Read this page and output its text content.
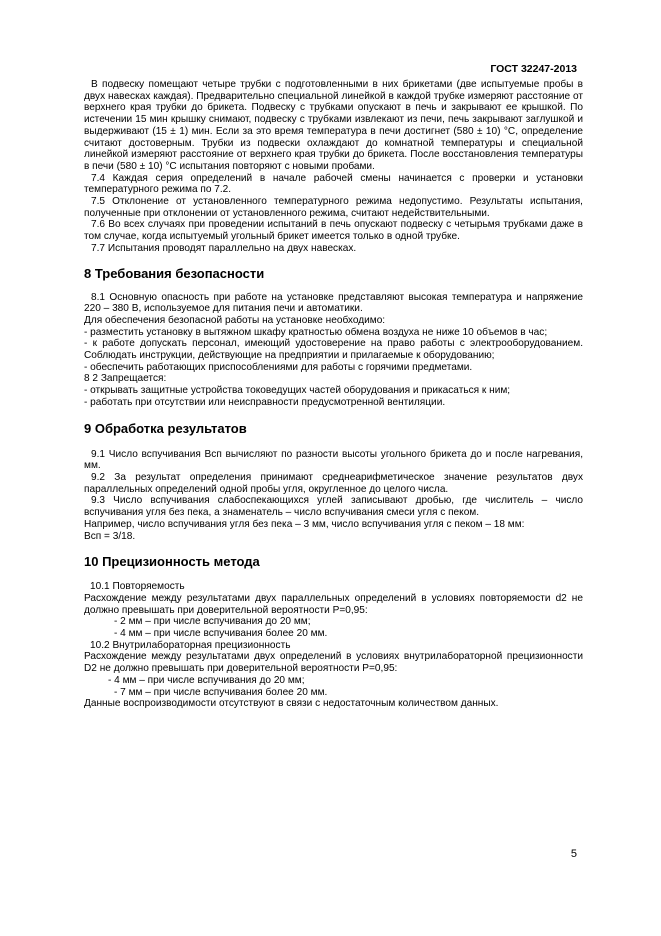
ГОСТ 32247-2013

В подвеску помещают четыре трубки с подготовленными в них брикетами (две испытуемые пробы в двух навесках каждая). Предварительно специальной линейкой в каждой трубке измеряют расстояние от верхнего края трубки до брикета. Подвеску с трубками опускают в печь и закрывают ее крышкой. По истечении 15 мин крышку снимают, подвеску с трубками извлекают из печи, печь закрывают заглушкой и выдерживают (15 ± 1) мин. Если за это время температура в печи достигнет (580 ± 10) °С, определение считают достоверным. Трубки из подвески охлаждают до комнатной температуры и специальной линейкой измеряют расстояние от верхнего края трубки до брикета. После восстановления температуры в печи (580 ± 10) °С испытания повторяют с новыми пробами.

7.4 Каждая серия определений в начале рабочей смены начинается с проверки и установки температурного режима по 7.2.

7.5 Отклонение от установленного температурного режима недопустимо. Результаты испытания, полученные при отклонении от установленного режима, считают недействительными.

7.6 Во всех случаях при проведении испытаний в печь опускают подвеску с четырьмя трубками даже в том случае, когда испытуемый угольный брикет имеется только в одной трубке.

7.7 Испытания проводят параллельно на двух навесках.

8 Требования безопасности

8.1 Основную опасность при работе на установке представляют высокая температура и напряжение 220 – 380 В, используемое для питания печи и автоматики.

Для обеспечения безопасной работы на установке необходимо:

- разместить установку в вытяжном шкафу кратностью обмена воздуха не ниже 10 объемов в час;

- к работе допускать персонал, имеющий удостоверение на право работы с электрооборудованием. Соблюдать инструкции, действующие на предприятии и прилагаемые к оборудованию;

- обеспечить работающих приспособлениями для работы с горячими предметами.

8 2 Запрещается:

- открывать защитные устройства токоведущих частей оборудования и прикасаться к ним;

- работать при отсутствии или неисправности предусмотренной вентиляции.

9 Обработка результатов

9.1 Число вспучивания Всп вычисляют по разности высоты угольного брикета до и после нагревания, мм.

9.2 За результат определения принимают среднеарифметическое значение результатов двух параллельных определений одной пробы угля, округленное до целого числа.

9.3 Число вспучивания слабоспекающихся углей записывают дробью, где числитель – число вспучивания угля без пека, а знаменатель – число вспучивания смеси угля с пеком.

Например, число вспучивания угля без пека – 3 мм, число вспучивания угля с пеком – 18 мм:

Всп = 3/18.

10 Прецизионность метода

10.1 Повторяемость

Расхождение между результатами двух параллельных определений в условиях повторяемости d2 не должно превышать при доверительной вероятности Р=0,95:

- 2 мм – при числе вспучивания до 20 мм;

- 4 мм – при числе вспучивания более 20 мм.

10.2 Внутрилабораторная прецизионность

Расхождение между результатами двух определений в условиях внутрилабораторной прецизионности D2 не должно превышать при доверительной вероятности Р=0,95:

- 4 мм – при числе вспучивания до 20 мм;

- 7 мм – при числе вспучивания более 20 мм.

Данные воспроизводимости отсутствуют в связи с недостаточным количеством данных.

5
